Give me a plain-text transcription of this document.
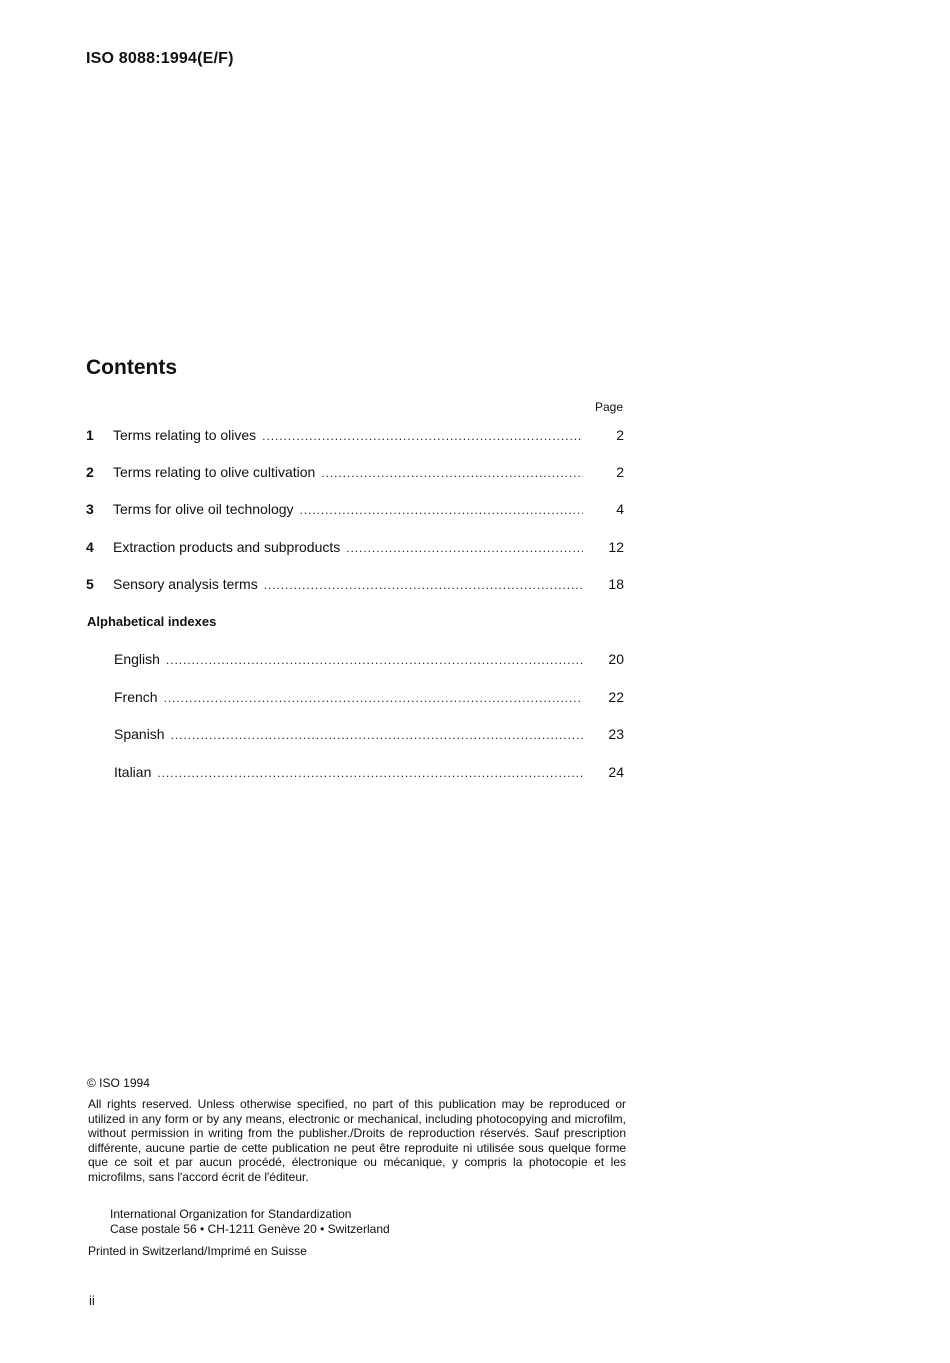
ISO 8088:1994(E/F)
Contents
Page
1 Terms relating to olives . . .	2
2 Terms relating to olive cultivation . . .	2
3 Terms for olive oil technology . . .	4
4 Extraction products and subproducts . . .	12
5 Sensory analysis terms . . .	18
Alphabetical indexes
English . . .	20
French . . .	22
Spanish . . .	23
Italian . . .	24
© ISO 1994
All rights reserved. Unless otherwise specified, no part of this publication may be reproduced or utilized in any form or by any means, electronic or mechanical, including photocopying and microfilm, without permission in writing from the publisher./Droits de reproduction réservés. Sauf prescription différente, aucune partie de cette publication ne peut être reproduite ni utilisée sous quelque forme que ce soit et par aucun procédé, électronique ou mécanique, y compris la photocopie et les microfilms, sans l'accord écrit de l'éditeur.
International Organization for Standardization
Case postale 56 • CH-1211 Genève 20 • Switzerland
Printed in Switzerland/Imprimé en Suisse
ii
